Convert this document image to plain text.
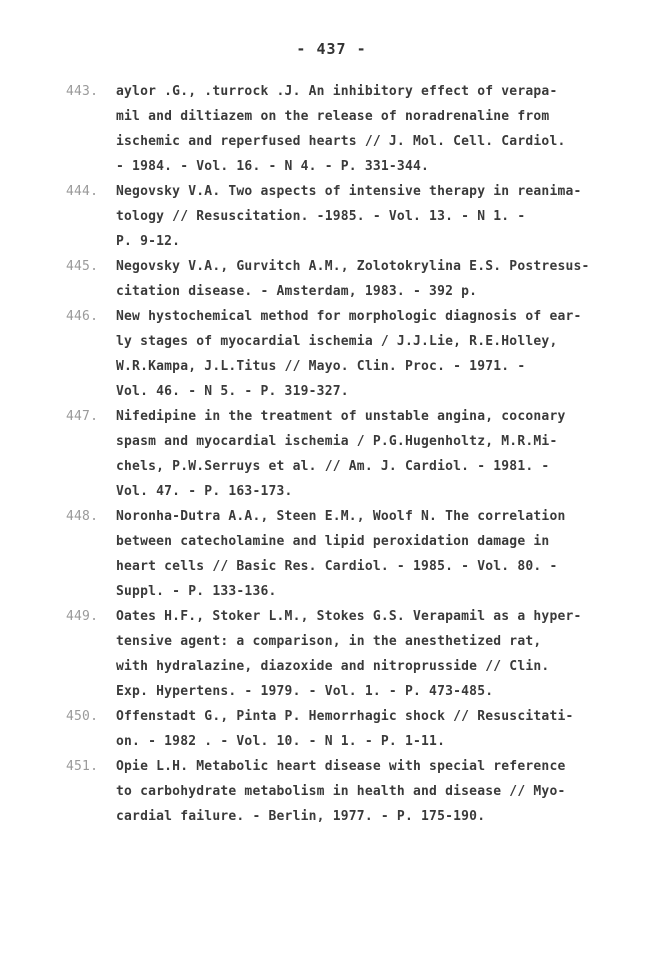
- 437 -
443. aylor .G., .turrock .J. An inhibitory effect of verapa-
mil and diltiazem on the release of noradrenaline from
ischemic and reperfused hearts // J. Mol. Cell. Cardiol.
- 1984. - Vol. 16. - N 4. - P. 331-344.
444. Negovsky V.A. Two aspects of intensive therapy in reanima-
tology // Resuscitation. -1985. - Vol. 13. - N 1. -
P. 9-12.
445. Negovsky V.A., Gurvitch A.M., Zolotokrylina E.S. Postresus-
citation disease. - Amsterdam, 1983. - 392 p.
446. New hystochemical method for morphologic diagnosis of ear-
ly stages of myocardial ischemia / J.J.Lie, R.E.Holley,
W.R.Kampa, J.L.Titus // Mayo. Clin. Proc. - 1971. -
Vol. 46. - N 5. - P. 319-327.
447. Nifedipine in the treatment of unstable angina, coconary
spasm and myocardial ischemia / P.G.Hugenholtz, M.R.Mi-
chels, P.W.Serruys et al. // Am. J. Cardiol. - 1981. -
Vol. 47. - P. 163-173.
448. Noronha-Dutra A.A., Steen E.M., Woolf N. The correlation
between catecholamine and lipid peroxidation damage in
heart cells // Basic Res. Cardiol. - 1985. - Vol. 80. -
Suppl. - P. 133-136.
449. Oates H.F., Stoker L.M., Stokes G.S. Verapamil as a hyper-
tensive agent: a comparison, in the anesthetized rat,
with hydralazine, diazoxide and nitroprusside // Clin.
Exp. Hypertens. - 1979. - Vol. 1. - P. 473-485.
450. Offenstadt G., Pinta P. Hemorrhagic shock // Resuscitati-
on. - 1982 . - Vol. 10. - N 1. - P. 1-11.
451. Opie L.H. Metabolic heart disease with special reference
to carbohydrate metabolism in health and disease // Myo-
cardial failure. - Berlin, 1977. - P. 175-190.
